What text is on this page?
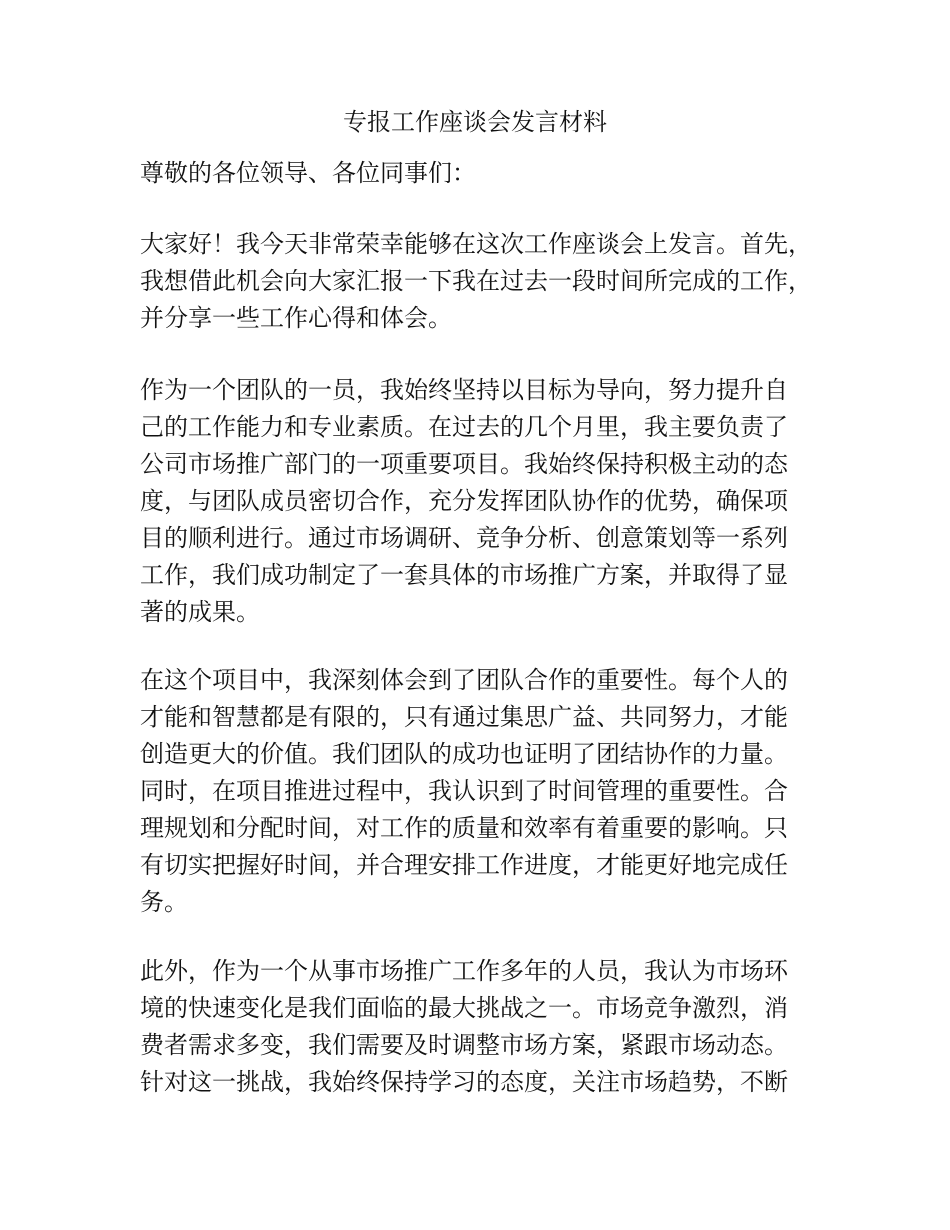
专报工作座谈会发言材料
尊敬的各位领导、各位同事们：
大家好！我今天非常荣幸能够在这次工作座谈会上发言。首先，
我想借此机会向大家汇报一下我在过去一段时间所完成的工作，
并分享一些工作心得和体会。
作为一个团队的一员，我始终坚持以目标为导向，努力提升自
己的工作能力和专业素质。在过去的几个月里，我主要负责了
公司市场推广部门的一项重要项目。我始终保持积极主动的态
度，与团队成员密切合作，充分发挥团队协作的优势，确保项
目的顺利进行。通过市场调研、竞争分析、创意策划等一系列
工作，我们成功制定了一套具体的市场推广方案，并取得了显
著的成果。
在这个项目中，我深刻体会到了团队合作的重要性。每个人的
才能和智慧都是有限的，只有通过集思广益、共同努力，才能
创造更大的价值。我们团队的成功也证明了团结协作的力量。
同时，在项目推进过程中，我认识到了时间管理的重要性。合
理规划和分配时间，对工作的质量和效率有着重要的影响。只
有切实把握好时间，并合理安排工作进度，才能更好地完成任
务。
此外，作为一个从事市场推广工作多年的人员，我认为市场环
境的快速变化是我们面临的最大挑战之一。市场竞争激烈，消
费者需求多变，我们需要及时调整市场方案，紧跟市场动态。
针对这一挑战，我始终保持学习的态度，关注市场趋势，不断
